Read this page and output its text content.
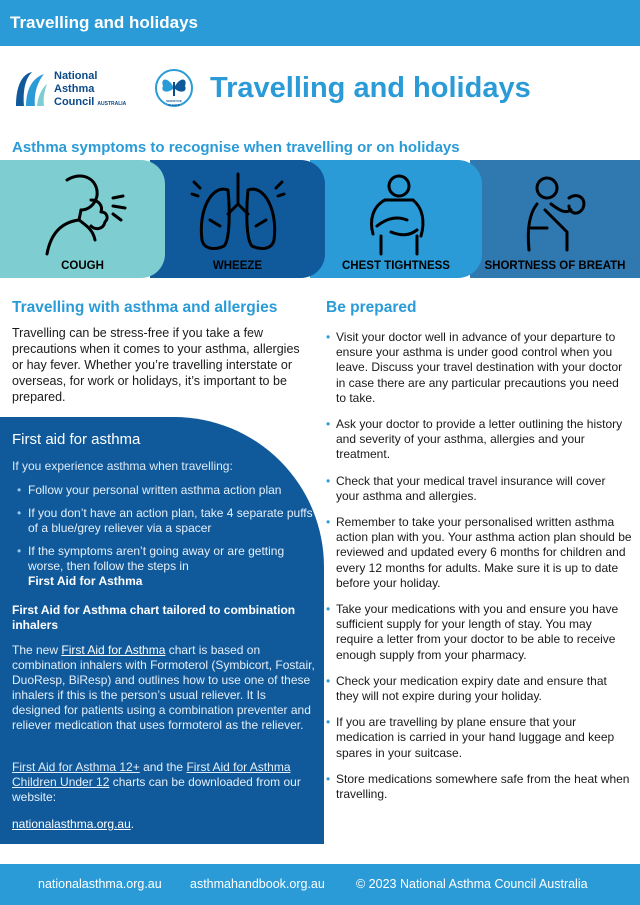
Travelling and holidays
National
Asthma
Council AUSTRALIA	SENSITIVE CHOICE
Travelling and holidays
Asthma symptoms to recognise when travelling or on holidays
SHORTNESS OF BREATH
CHEST TIGHTNESS
WHEEZE
COUGH
Travelling with asthma and allergies
Travelling can be stress-free if you take a few precautions when it comes to your asthma, allergies or hay fever. Whether you’re travelling interstate or overseas, for work or holidays, it’s important to be prepared.
First aid for asthma
If you experience asthma when travelling:
• Follow your personal written asthma action plan
• If you don’t have an action plan, take 4 separate puffs of a blue/grey reliever via a spacer
• If the symptoms aren’t going away or are getting worse, then follow the steps in
First Aid for Asthma
First Aid for Asthma chart tailored to combination inhalers
The new First Aid for Asthma chart is based on combination inhalers with Formoterol (Symbicort, Fostair, DuoResp, BiResp) and outlines how to use one of these inhalers if this is the person’s usual reliever. It Is designed for patients using a combination preventer and reliever medication that uses formoterol as the reliever.
First Aid for Asthma 12+ and the First Aid for Asthma Children Under 12 charts can be downloaded from our website:
nationalasthma.org.au.
Be prepared
• Visit your doctor well in advance of your departure to ensure your asthma is under good control when you leave. Discuss your travel destination with your doctor in case there are any particular precautions you need to take.
• Ask your doctor to provide a letter outlining the history and severity of your asthma, allergies and your treatment.
• Check that your medical travel insurance will cover your asthma and allergies.
• Remember to take your personalised written asthma action plan with you. Your asthma action plan should be reviewed and updated every 6 months for children and every 12 months for adults. Make sure it is up to date before your holiday.
• Take your medications with you and ensure you have sufficient supply for your length of stay. You may require a letter from your doctor to be able to receive enough supply from your pharmacy.
• Check your medication expiry date and ensure that they will not expire during your holiday.
• If you are travelling by plane ensure that your medication is carried in your hand luggage and keep spares in your suitcase.
• Store medications somewhere safe from the heat when travelling.
nationalasthma.org.au asthmahandbook.org.au © 2023 National Asthma Council Australia
